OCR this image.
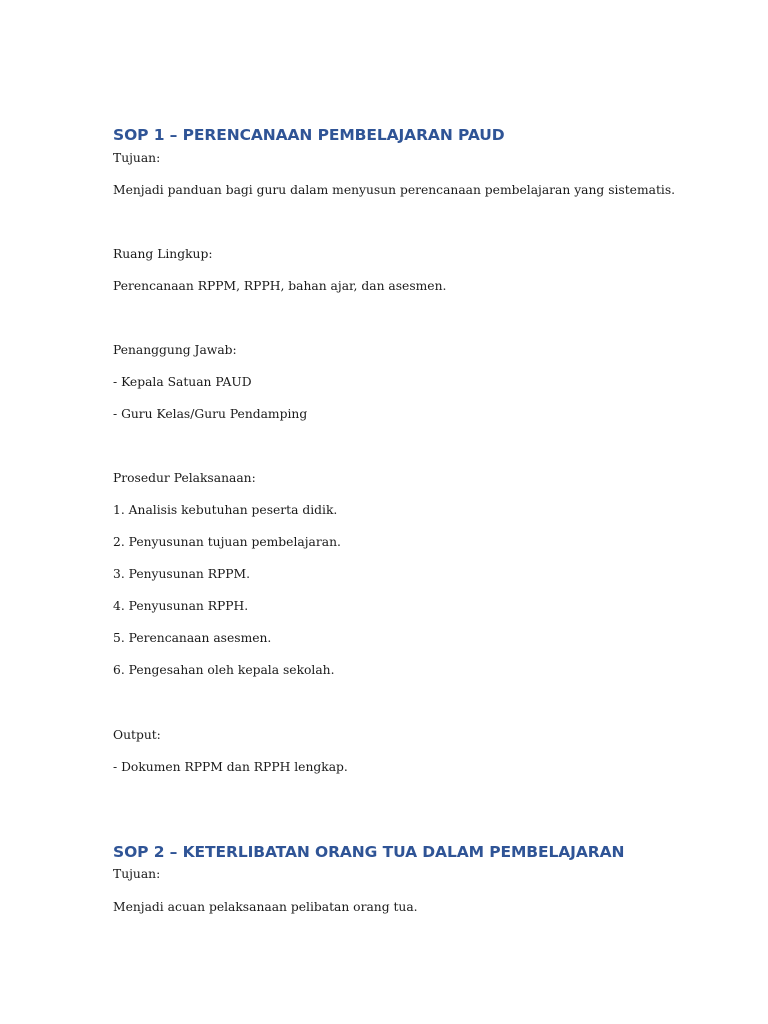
SOP 1 – PERENCANAAN PEMBELAJARAN PAUD
Tujuan:
Menjadi panduan bagi guru dalam menyusun perencanaan pembelajaran yang sistematis.
Ruang Lingkup:
Perencanaan RPPM, RPPH, bahan ajar, dan asesmen.
Penanggung Jawab:
- Kepala Satuan PAUD
- Guru Kelas/Guru Pendamping
Prosedur Pelaksanaan:
1. Analisis kebutuhan peserta didik.
2. Penyusunan tujuan pembelajaran.
3. Penyusunan RPPM.
4. Penyusunan RPPH.
5. Perencanaan asesmen.
6. Pengesahan oleh kepala sekolah.
Output:
- Dokumen RPPM dan RPPH lengkap.
SOP 2 – KETERLIBATAN ORANG TUA DALAM PEMBELAJARAN
Tujuan:
Menjadi acuan pelaksanaan pelibatan orang tua.
